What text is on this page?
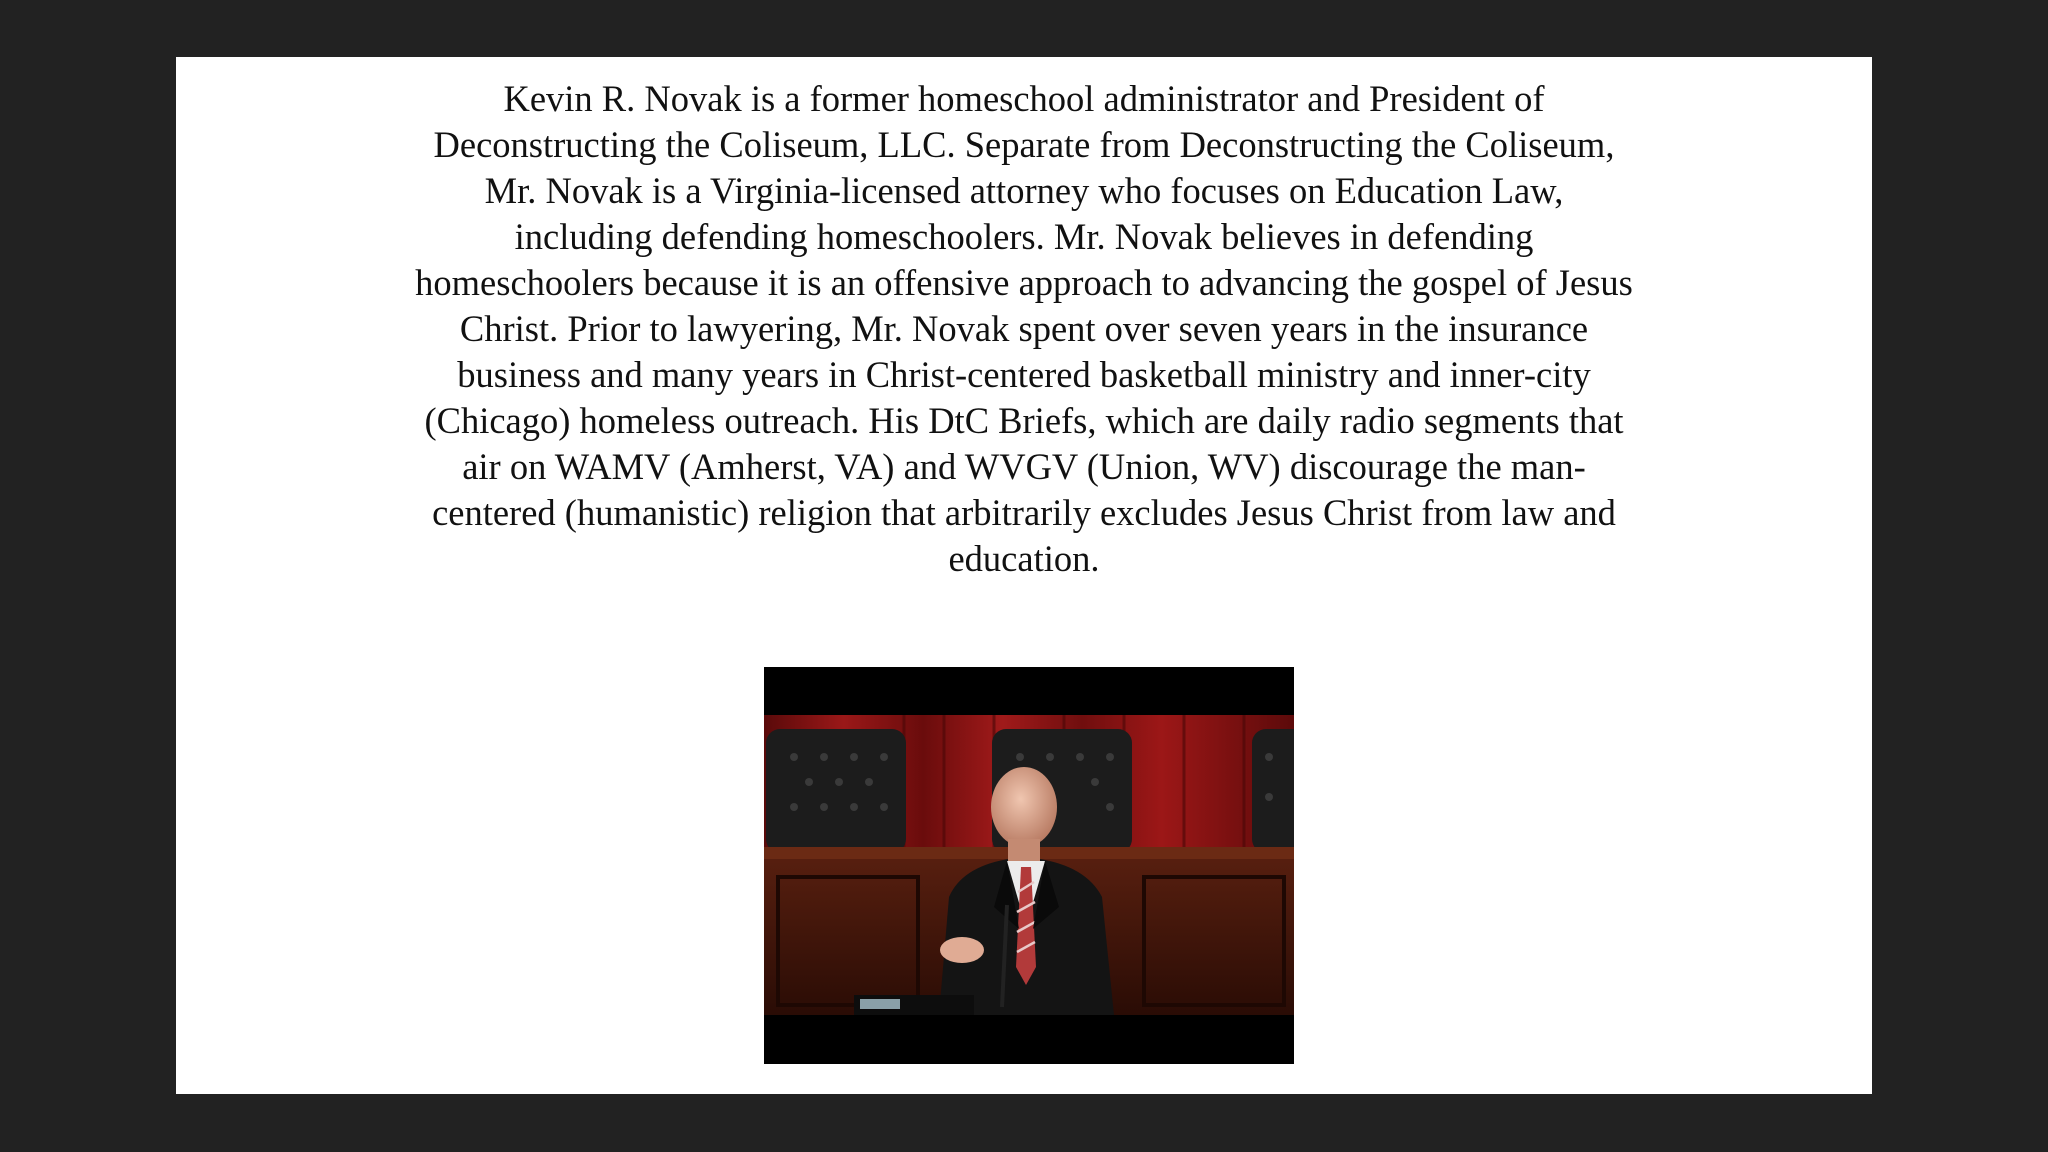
Kevin R. Novak is a former homeschool administrator and President of
Deconstructing the Coliseum, LLC. Separate from Deconstructing the Coliseum,
Mr. Novak is a Virginia-licensed attorney who focuses on Education Law,
including defending homeschoolers. Mr. Novak believes in defending
homeschoolers because it is an offensive approach to advancing the gospel of Jesus
Christ. Prior to lawyering, Mr. Novak spent over seven years in the insurance
business and many years in Christ-centered basketball ministry and inner-city
(Chicago) homeless outreach. His DtC Briefs, which are daily radio segments that
air on WAMV (Amherst, VA) and WVGV (Union, WV) discourage the man-
centered (humanistic) religion that arbitrarily excludes Jesus Christ from law and
education.
